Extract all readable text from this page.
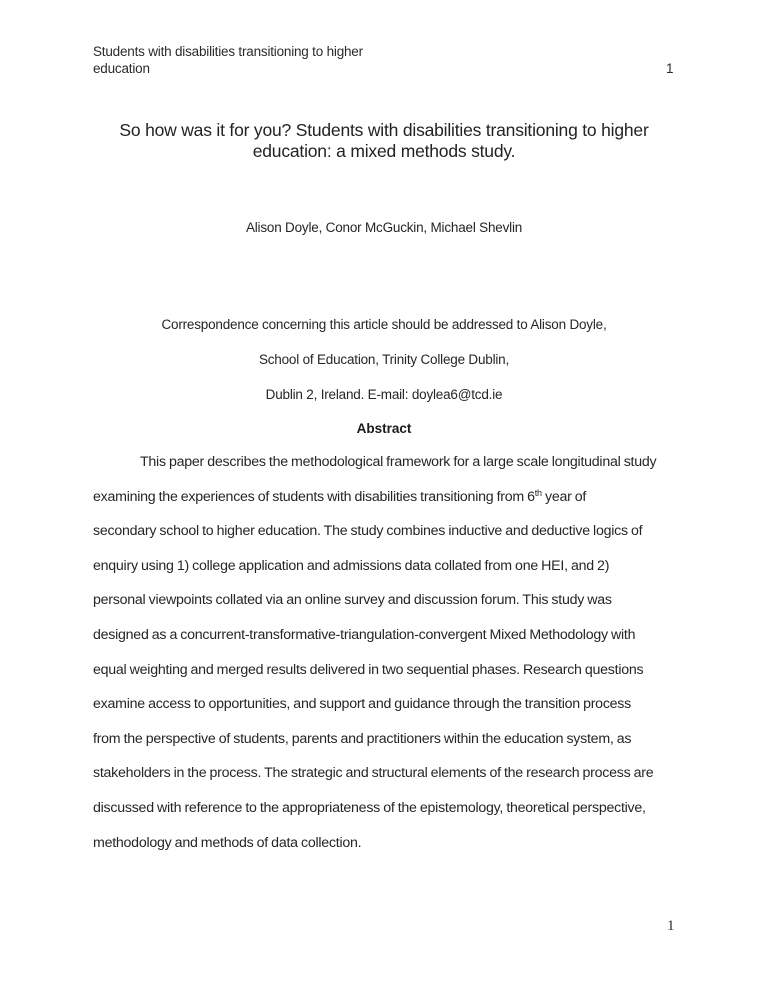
Students with disabilities transitioning to higher
education	1
So how was it for you? Students with disabilities transitioning to higher
education: a mixed methods study.
Alison Doyle, Conor McGuckin, Michael Shevlin
Correspondence concerning this article should be addressed to Alison Doyle,
School of Education, Trinity College Dublin,
Dublin 2, Ireland. E-mail: doylea6@tcd.ie
Abstract
This paper describes the methodological framework for a large scale longitudinal study
examining the experiences of students with disabilities transitioning from 6th year of
secondary school to higher education. The study combines inductive and deductive logics of
enquiry using 1) college application and admissions data collated from one HEI, and 2)
personal viewpoints collated via an online survey and discussion forum. This study was
designed as a concurrent-transformative-triangulation-convergent Mixed Methodology with
equal weighting and merged results delivered in two sequential phases. Research questions
examine access to opportunities, and support and guidance through the transition process
from the perspective of students, parents and practitioners within the education system, as
stakeholders in the process. The strategic and structural elements of the research process are
discussed with reference to the appropriateness of the epistemology, theoretical perspective,
methodology and methods of data collection.
1
